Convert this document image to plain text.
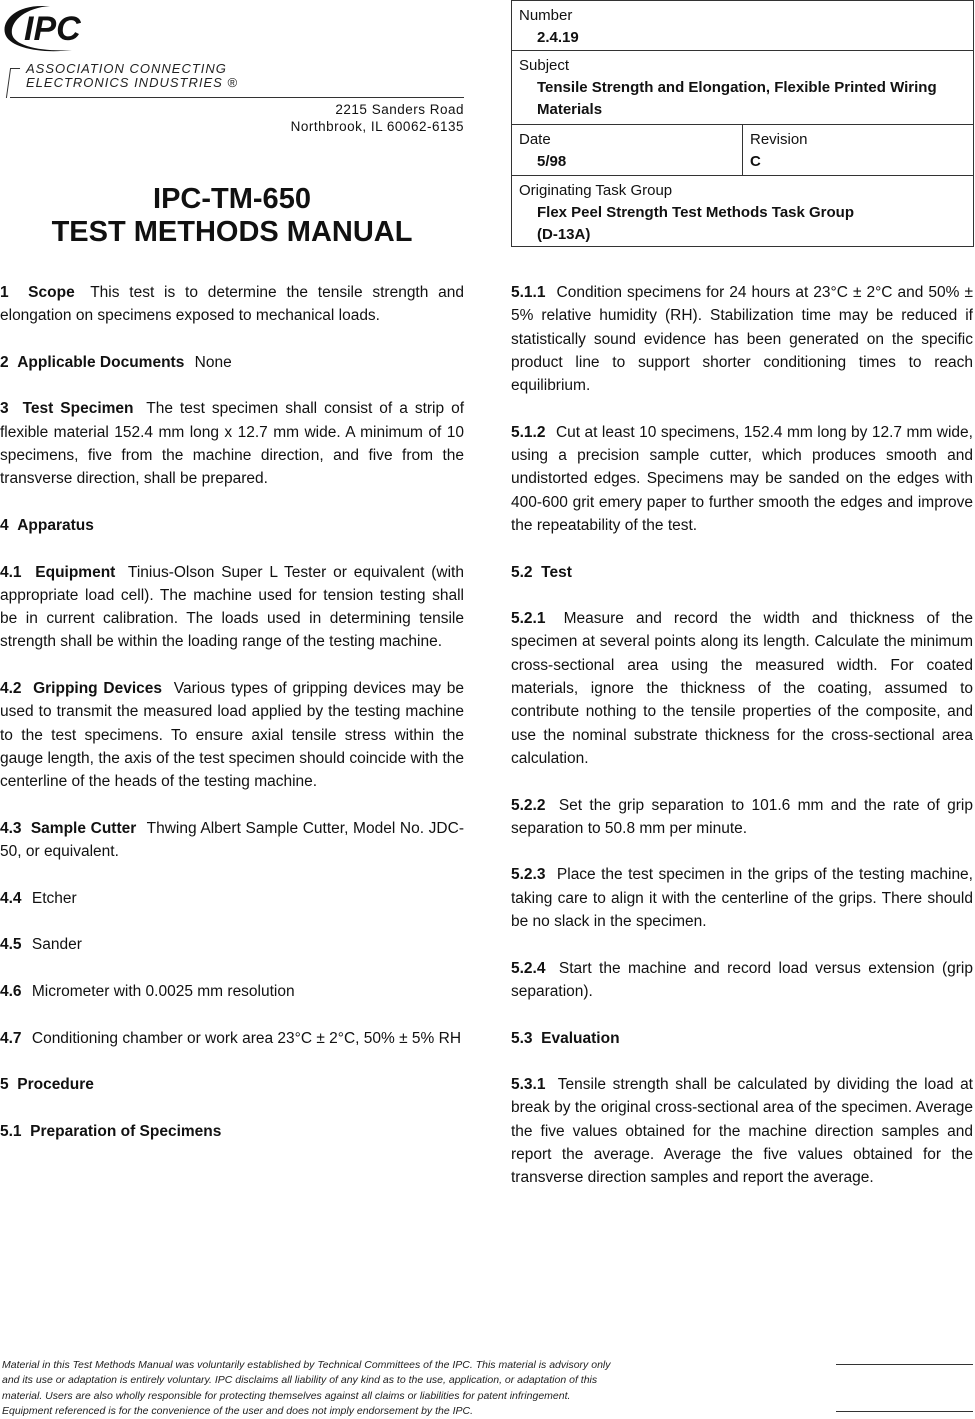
IPC
ASSOCIATION CONNECTING
ELECTRONICS INDUSTRIES ®
2215 Sanders Road
Northbrook, IL 60062-6135
IPC-TM-650
TEST METHODS MANUAL
Number
2.4.19
Subject
Tensile Strength and Elongation, Flexible Printed Wiring Materials
Date
5/98
Revision
C
Originating Task Group
Flex Peel Strength Test Methods Task Group (D-13A)

1  Scope This test is to determine the tensile strength and elongation on specimens exposed to mechanical loads.

2  Applicable Documents None

3  Test Specimen The test specimen shall consist of a strip of flexible material 152.4 mm long x 12.7 mm wide. A minimum of 10 specimens, five from the machine direction, and five from the transverse direction, shall be prepared.

4  Apparatus

4.1  Equipment Tinius-Olson Super L Tester or equivalent (with appropriate load cell). The machine used for tension testing shall be in current calibration. The loads used in determining tensile strength shall be within the loading range of the testing machine.

4.2  Gripping Devices Various types of gripping devices may be used to transmit the measured load applied by the testing machine to the test specimens. To ensure axial tensile stress within the gauge length, the axis of the test specimen should coincide with the centerline of the heads of the testing machine.

4.3  Sample Cutter Thwing Albert Sample Cutter, Model No. JDC-50, or equivalent.

4.4 Etcher

4.5 Sander

4.6 Micrometer with 0.0025 mm resolution

4.7 Conditioning chamber or work area 23°C ± 2°C, 50% ± 5% RH

5  Procedure

5.1  Preparation of Specimens

5.1.1 Condition specimens for 24 hours at 23°C ± 2°C and 50% ± 5% relative humidity (RH). Stabilization time may be reduced if statistically sound evidence has been generated on the specific product line to support shorter conditioning times to reach equilibrium.

5.1.2 Cut at least 10 specimens, 152.4 mm long by 12.7 mm wide, using a precision sample cutter, which produces smooth and undistorted edges. Specimens may be sanded on the edges with 400-600 grit emery paper to further smooth the edges and improve the repeatability of the test.

5.2  Test

5.2.1 Measure and record the width and thickness of the specimen at several points along its length. Calculate the minimum cross-sectional area using the measured width. For coated materials, ignore the thickness of the coating, assumed to contribute nothing to the tensile properties of the composite, and use the nominal substrate thickness for the cross-sectional area calculation.

5.2.2 Set the grip separation to 101.6 mm and the rate of grip separation to 50.8 mm per minute.

5.2.3 Place the test specimen in the grips of the testing machine, taking care to align it with the centerline of the grips. There should be no slack in the specimen.

5.2.4 Start the machine and record load versus extension (grip separation).

5.3  Evaluation

5.3.1 Tensile strength shall be calculated by dividing the load at break by the original cross-sectional area of the specimen. Average the five values obtained for the machine direction samples and report the average. Average the five values obtained for the transverse direction samples and report the average.

Material in this Test Methods Manual was voluntarily established by Technical Committees of the IPC. This material is advisory only
and its use or adaptation is entirely voluntary. IPC disclaims all liability of any kind as to the use, application, or adaptation of this
material. Users are also wholly responsible for protecting themselves against all claims or liabilities for patent infringement.
Equipment referenced is for the convenience of the user and does not imply endorsement by the IPC.
